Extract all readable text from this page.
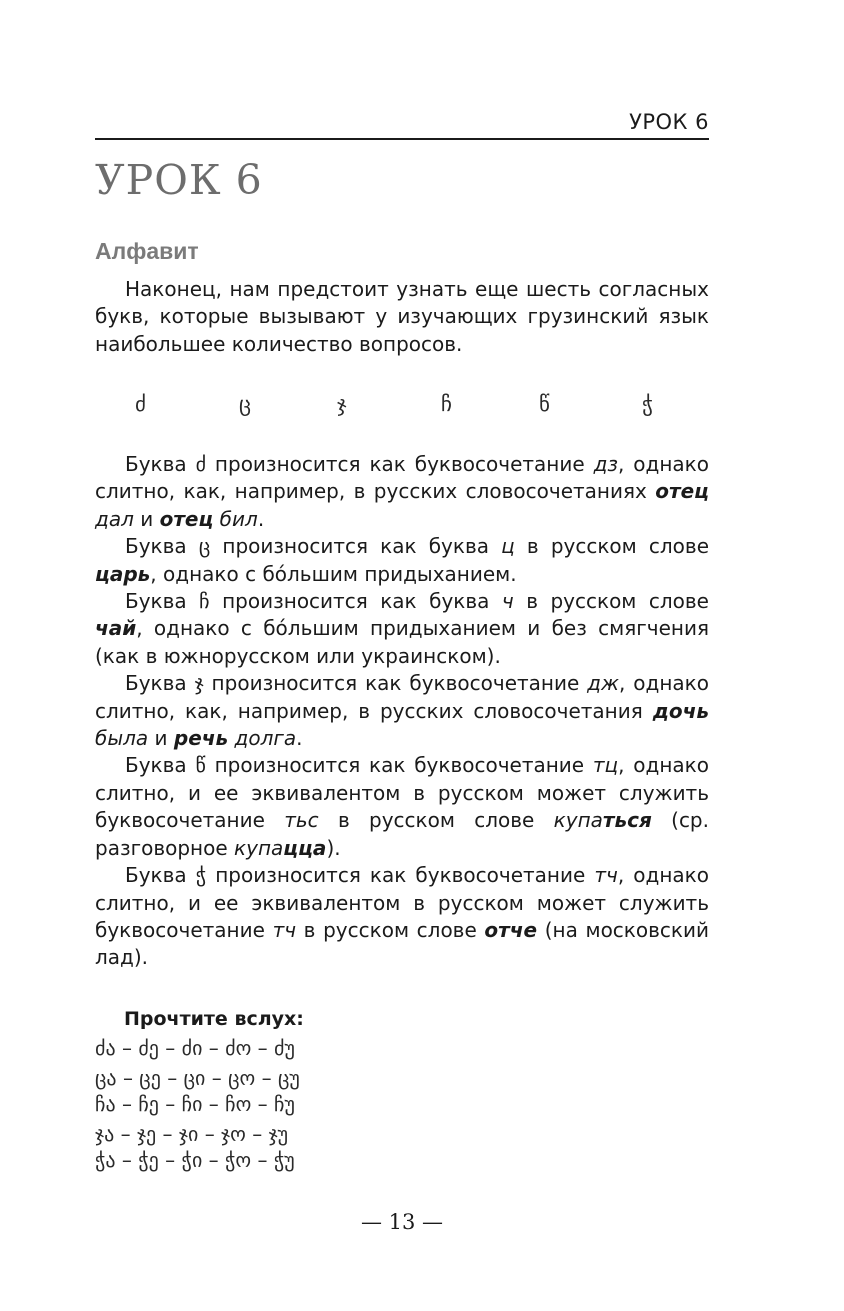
УРОК 6
УРОК 6
Алфавит

Наконец, нам предстоит узнать еще шесть согласных букв, которые вызывают у изучающих грузинский язык наибольшее количество вопросов.

ძ	ც	ჯ	ჩ	წ	ჭ

Буква ძ произносится как буквосочетание дз, однако слитно, как, например, в русских словосочетаниях отец дал и отец бил.

Буква ც произносится как буква ц в русском слове царь, однако с бóльшим придыханием.

Буква ჩ произносится как буква ч в русском слове чай, однако с бóльшим придыханием и без смягчения (как в южнорусском или украинском).

Буква ჯ произносится как буквосочетание дж, однако слитно, как, например, в русских словосочетания дочь была и речь долга.

Буква წ произносится как буквосочетание тц, однако слитно, и ее эквивалентом в русском может служить буквосочетание тьс в русском слове купаться (ср. разговорное купацца).

Буква ჭ произносится как буквосочетание тч, однако слитно, и ее эквивалентом в русском может служить буквосочетание тч в русском слове отче (на московский лад).

Прочтите вслух:

ძა – ძე – ძი – ძო – ძუ

ცა – ცე – ცი – ცო – ცუ

ჩა – ჩე – ჩი – ჩო – ჩუ

ჯა – ჯე – ჯი – ჯო – ჯუ

ჭა – ჭე – ჭი – ჭო – ჭუ

— 13 —
